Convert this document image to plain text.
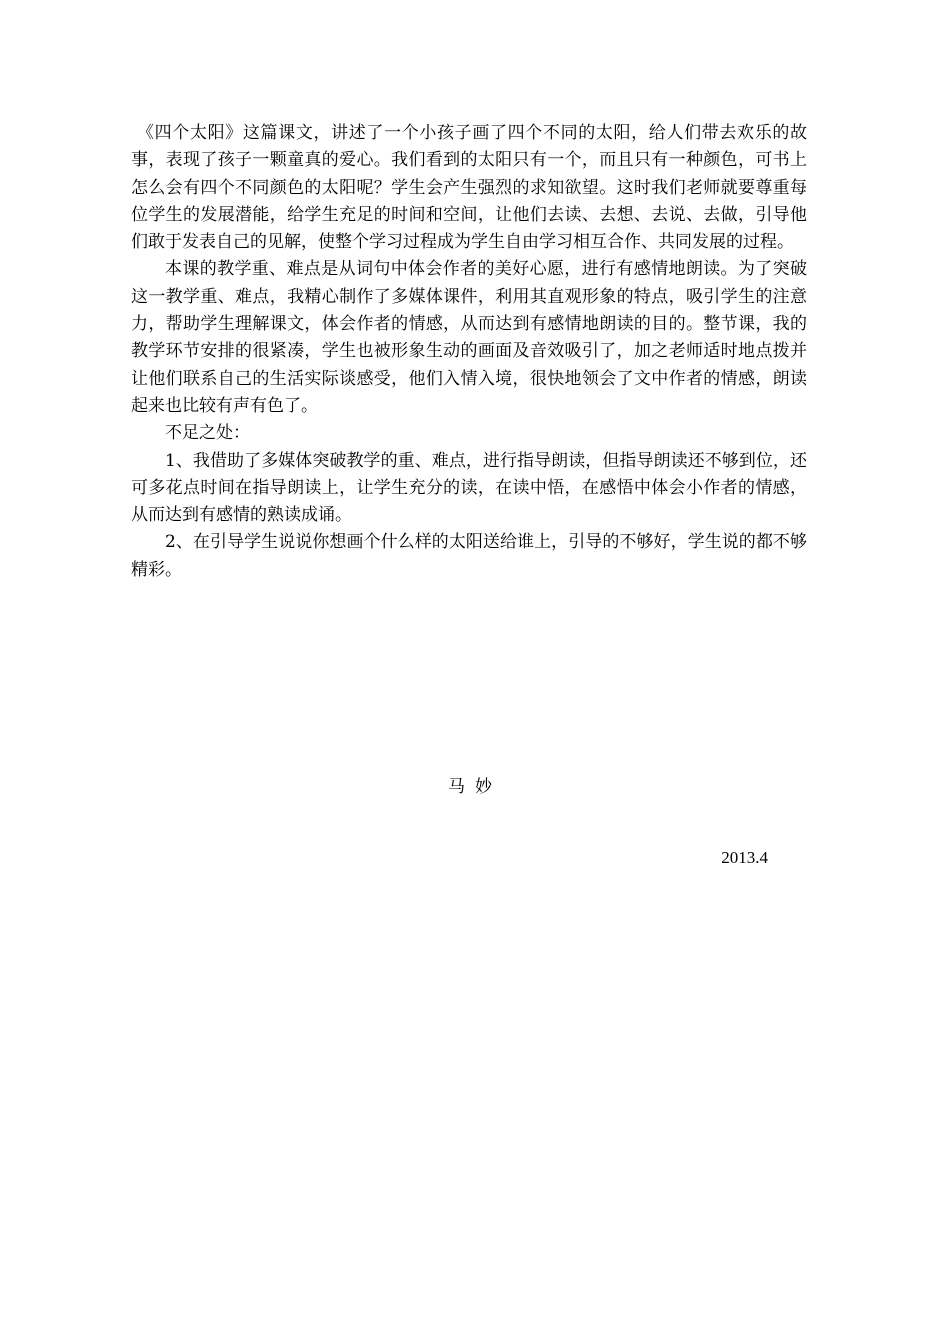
《四个太阳》这篇课文，讲述了一个小孩子画了四个不同的太阳，给人们带去欢乐的故事，表现了孩子一颗童真的爱心。我们看到的太阳只有一个，而且只有一种颜色，可书上怎么会有四个不同颜色的太阳呢？学生会产生强烈的求知欲望。这时我们老师就要尊重每位学生的发展潜能，给学生充足的时间和空间，让他们去读、去想、去说、去做，引导他们敢于发表自己的见解，使整个学习过程成为学生自由学习相互合作、共同发展的过程。

本课的教学重、难点是从词句中体会作者的美好心愿，进行有感情地朗读。为了突破这一教学重、难点，我精心制作了多媒体课件，利用其直观形象的特点，吸引学生的注意力，帮助学生理解课文，体会作者的情感，从而达到有感情地朗读的目的。整节课，我的教学环节安排的很紧凑，学生也被形象生动的画面及音效吸引了，加之老师适时地点拨并让他们联系自己的生活实际谈感受，他们入情入境，很快地领会了文中作者的情感，朗读起来也比较有声有色了。

不足之处：

1、我借助了多媒体突破教学的重、难点，进行指导朗读，但指导朗读还不够到位，还可多花点时间在指导朗读上，让学生充分的读，在读中悟，在感悟中体会小作者的情感，从而达到有感情的熟读成诵。

2、在引导学生说说你想画个什么样的太阳送给谁上，引导的不够好，学生说的都不够精彩。

马妙
2013.4
